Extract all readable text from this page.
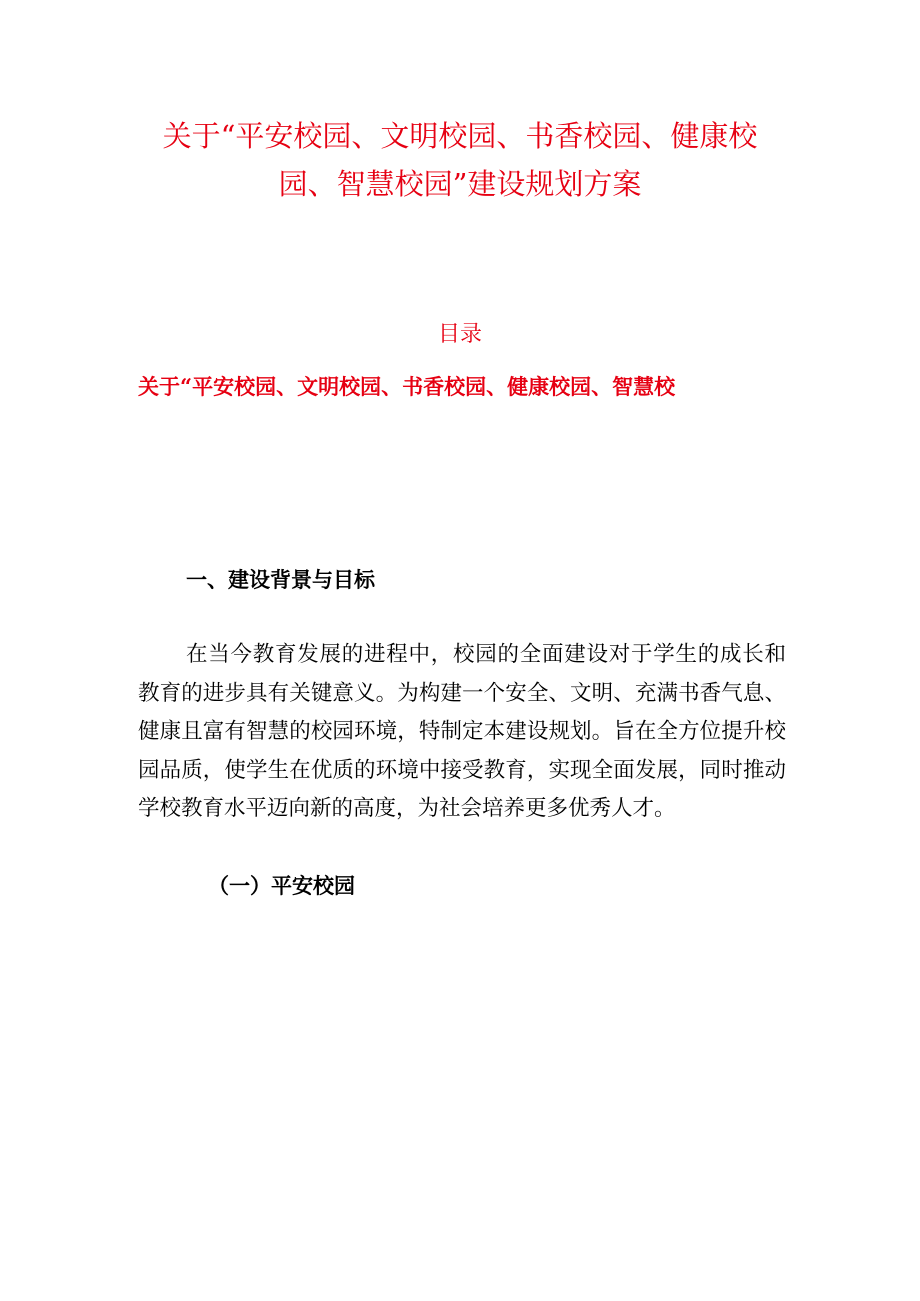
关于“平安校园、文明校园、书香校园、健康校
园、智慧校园”建设规划方案
目录
关于“平安校园、文明校园、书香校园、健康校园、智慧校
一、建设背景与目标

在当今教育发展的进程中，校园的全面建设对于学生的成长和教育的进步具有关键意义。为构建一个安全、文明、充满书香气息、健康且富有智慧的校园环境，特制定本建设规划。旨在全方位提升校园品质，使学生在优质的环境中接受教育，实现全面发展，同时推动学校教育水平迈向新的高度，为社会培养更多优秀人才。

（一）平安校园
